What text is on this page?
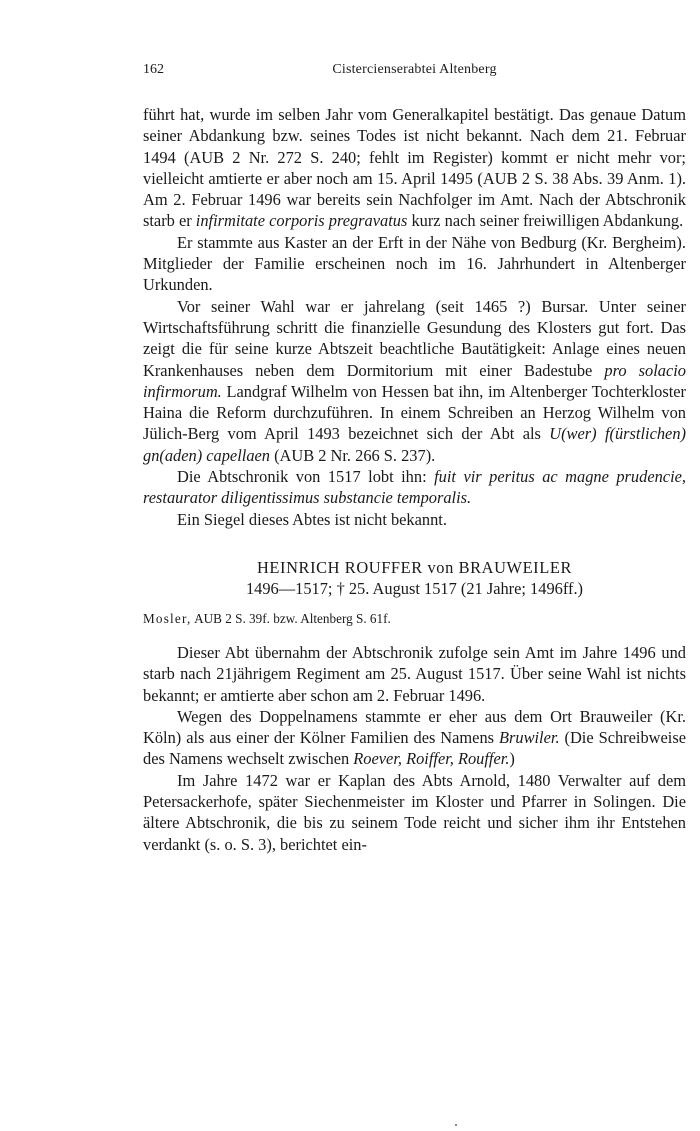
162	Cistercienserabtei Altenberg

führt hat, wurde im selben Jahr vom Generalkapitel bestätigt. Das genaue Datum seiner Abdankung bzw. seines Todes ist nicht bekannt. Nach dem 21. Februar 1494 (AUB 2 Nr. 272 S. 240; fehlt im Register) kommt er nicht mehr vor; vielleicht amtierte er aber noch am 15. April 1495 (AUB 2 S. 38 Abs. 39 Anm. 1). Am 2. Februar 1496 war bereits sein Nachfolger im Amt. Nach der Abtschronik starb er infirmitate corporis pregravatus kurz nach seiner freiwilligen Abdankung.

Er stammte aus Kaster an der Erft in der Nähe von Bedburg (Kr. Bergheim). Mitglieder der Familie erscheinen noch im 16. Jahrhundert in Altenberger Urkunden.

Vor seiner Wahl war er jahrelang (seit 1465 ?) Bursar. Unter seiner Wirtschaftsführung schritt die finanzielle Gesundung des Klosters gut fort. Das zeigt die für seine kurze Abtszeit beachtliche Bautätigkeit: Anlage eines neuen Krankenhauses neben dem Dormitorium mit einer Badestube pro solacio infirmorum. Landgraf Wilhelm von Hessen bat ihn, im Altenberger Tochterkloster Haina die Reform durchzuführen. In einem Schreiben an Herzog Wilhelm von Jülich-Berg vom April 1493 bezeichnet sich der Abt als U(wer) f(ürstlichen) gn(aden) capellaen (AUB 2 Nr. 266 S. 237).

Die Abtschronik von 1517 lobt ihn: fuit vir peritus ac magne prudencie, restaurator diligentissimus substancie temporalis.

Ein Siegel dieses Abtes ist nicht bekannt.

HEINRICH ROUFFER von BRAUWEILER
1496—1517; † 25. August 1517 (21 Jahre; 1496ff.)
Mosler, AUB 2 S. 39f. bzw. Altenberg S. 61f.

Dieser Abt übernahm der Abtschronik zufolge sein Amt im Jahre 1496 und starb nach 21jährigem Regiment am 25. August 1517. Über seine Wahl ist nichts bekannt; er amtierte aber schon am 2. Februar 1496.

Wegen des Doppelnamens stammte er eher aus dem Ort Brauweiler (Kr. Köln) als aus einer der Kölner Familien des Namens Bruwiler. (Die Schreibweise des Namens wechselt zwischen Roever, Roiffer, Rouffer.)

Im Jahre 1472 war er Kaplan des Abts Arnold, 1480 Verwalter auf dem Petersackerhofe, später Siechenmeister im Kloster und Pfarrer in Solingen. Die ältere Abtschronik, die bis zu seinem Tode reicht und sicher ihm ihr Entstehen verdankt (s. o. S. 3), berichtet ein-
